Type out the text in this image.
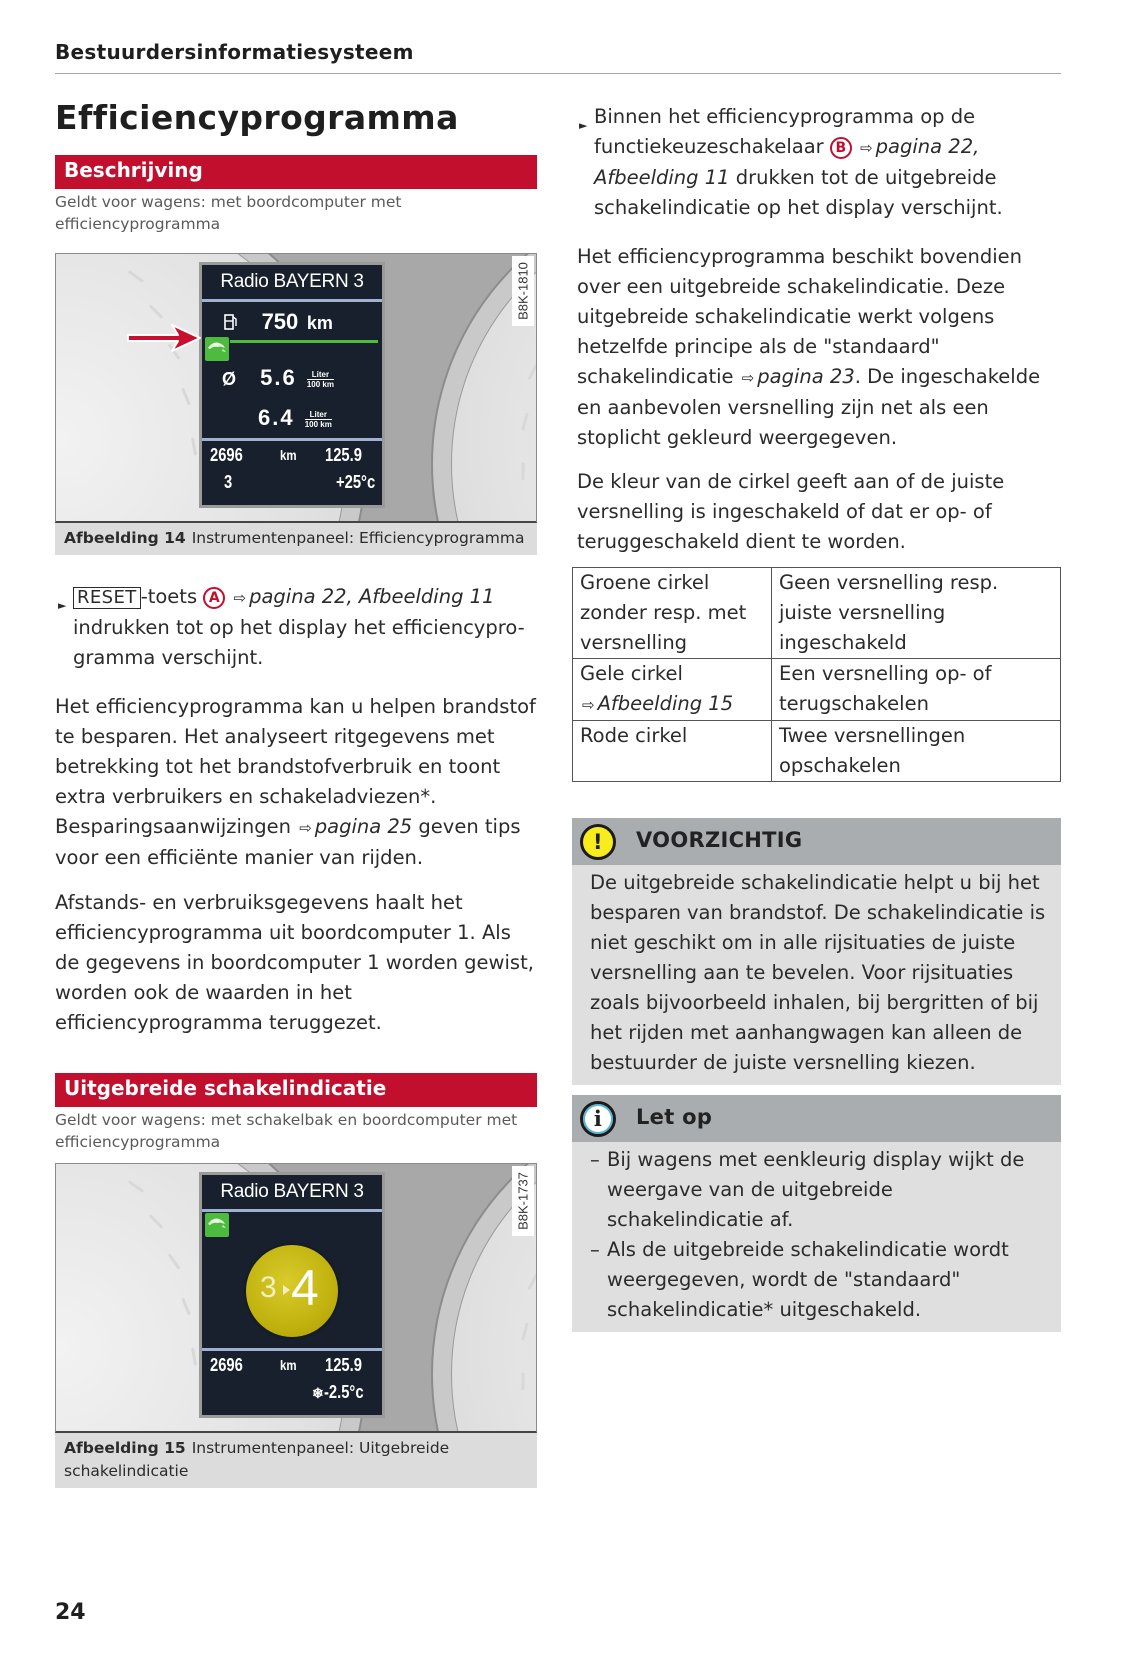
Bestuurdersinformatiesysteem
Efficiencyprogramma
Beschrijving
Geldt voor wagens: met boordcomputer met efficiencyprogramma
Radio BAYERN 3
750 km
Ø $5.6 \frac{\text{Liter}}{100 km}$
$6.4 \frac{\text{Liter}}{100 km}$
2696	km 125.9
3	+25°c
B8K-1810
Afbeelding 14 Instrumentenpaneel: Efficiencyprogramma
► RESET -toets A ⇨ pagina 22, Afbeelding 11
indrukken tot op het display het efficiencypro-
gramma verschijnt.
Het efficiencyprogramma kan u helpen brandstof te besparen. Het analyseert ritgegevens met betrekking tot het brandstofverbruik en toont extra verbruikers en schakeladviezen*. Besparingsaanwijzingen ⇨ pagina 25 geven tips voor een efficiënte manier van rijden.
Afstands- en verbruiksgegevens haalt het efficiencyprogramma uit boordcomputer 1. Als de gegevens in boordcomputer 1 worden gewist, worden ook de waarden in het efficiencyprogramma teruggezet.
Uitgebreide schakelindicatie
Geldt voor wagens: met schakelbak en boordcomputer met efficiencyprogramma
Radio BAYERN 3
3 4
2696	km 125.9
❄-2.5°c
B8K-1737
Afbeelding 15 Instrumentenpaneel: Uitgebreide schakelindicatie
► Binnen het efficiencyprogramma op de functiekeuzeschakelaar B ⇨ pagina 22, Afbeelding 11 drukken tot de uitgebreide schakelindicatie op het display verschijnt.
Het efficiencyprogramma beschikt bovendien over een uitgebreide schakelindicatie. Deze uitgebreide schakelindicatie werkt volgens hetzelfde principe als de "standaard" schakelindicatie ⇨ pagina 23. De ingeschakelde en aanbevolen versnelling zijn net als een stoplicht gekleurd weergegeven.
De kleur van de cirkel geeft aan of de juiste versnelling is ingeschakeld of dat er op- of teruggeschakeld dient te worden.
Groene cirkel zonder resp. met versnelling	Geen versnelling resp. juiste versnelling ingeschakeld
Gele cirkel ⇨ Afbeelding 15	Een versnelling op- of terugschakelen
Rode cirkel	Twee versnellingen opschakelen
!	VOORZICHTIG
De uitgebreide schakelindicatie helpt u bij het besparen van brandstof. De schakelindicatie is niet geschikt om in alle rijsituaties de juiste versnelling aan te bevelen. Voor rijsituaties zoals bijvoorbeeld inhalen, bij bergritten of bij het rijden met aanhangwagen kan alleen de bestuurder de juiste versnelling kiezen.
i	Let op
– Bij wagens met eenkleurig display wijkt de weergave van de uitgebreide schakelindicatie af.
– Als de uitgebreide schakelindicatie wordt weergegeven, wordt de "standaard" schakelindicatie* uitgeschakeld.
24
